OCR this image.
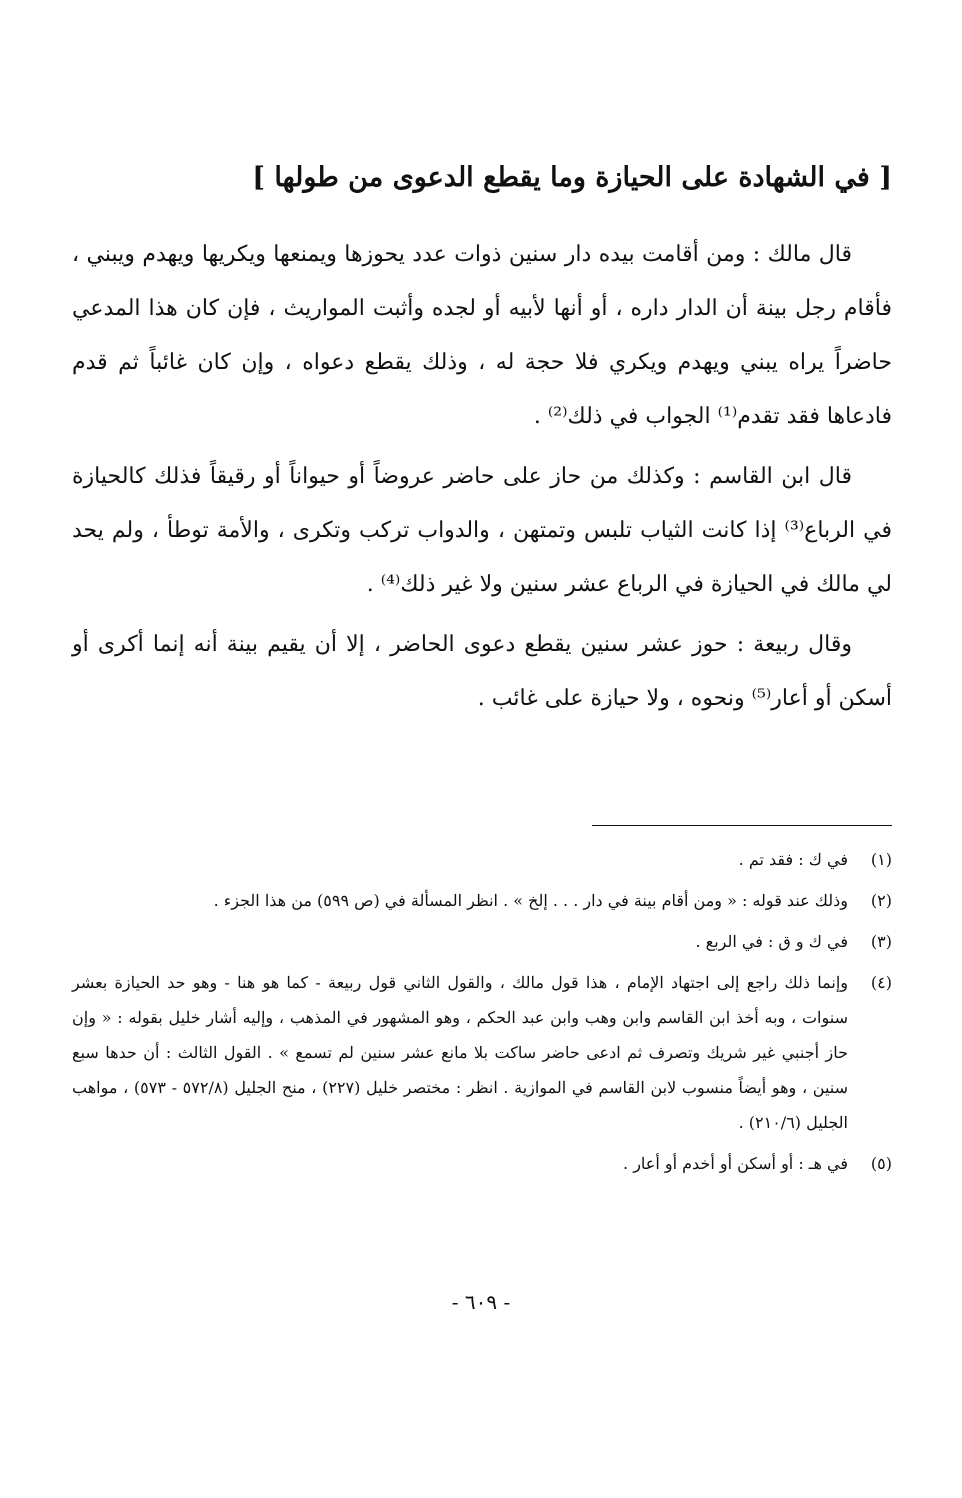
[ في الشهادة على الحيازة وما يقطع الدعوى من طولها ]

قال مالك : ومن أقامت بيده دار سنين ذوات عدد يحوزها ويمنعها ويكريها ويهدم ويبني ، فأقام رجل بينة أن الدار داره ، أو أنها لأبيه أو لجده وأثبت المواريث ، فإن كان هذا المدعي حاضراً يراه يبني ويهدم ويكري فلا حجة له ، وذلك يقطع دعواه ، وإن كان غائباً ثم قدم فادعاها فقد تقدم⁽¹⁾ الجواب في ذلك⁽²⁾ .

قال ابن القاسم : وكذلك من حاز على حاضر عروضاً أو حيواناً أو رقيقاً فذلك كالحيازة في الرباع⁽³⁾ إذا كانت الثياب تلبس وتمتهن ، والدواب تركب وتكرى ، والأمة توطأ ، ولم يحد لي مالك في الحيازة في الرباع عشر سنين ولا غير ذلك⁽⁴⁾ .

وقال ربيعة : حوز عشر سنين يقطع دعوى الحاضر ، إلا أن يقيم بينة أنه إنما أكرى أو أسكن أو أعار⁽⁵⁾ ونحوه ، ولا حيازة على غائب .

(١)
في ك : فقد تم .
(٢)
وذلك عند قوله : « ومن أقام بينة في دار . . . إلخ » . انظر المسألة في (ص ٥٩٩) من هذا الجزء .
(٣)
في ك و ق : في الربع .
(٤)
وإنما ذلك راجع إلى اجتهاد الإمام ، هذا قول مالك ، والقول الثاني قول ربيعة - كما هو هنا - وهو حد الحيازة بعشر سنوات ، وبه أخذ ابن القاسم وابن وهب وابن عبد الحكم ، وهو المشهور في المذهب ، وإليه أشار خليل بقوله : « وإن حاز أجنبي غير شريك وتصرف ثم ادعى حاضر ساكت بلا مانع عشر سنين لم تسمع » . القول الثالث : أن حدها سبع سنين ، وهو أيضاً منسوب لابن القاسم في الموازية . انظر : مختصر خليل (٢٢٧) ، منح الجليل (٥٧٢/٨ - ٥٧٣) ، مواهب الجليل (٢١٠/٦) .
(٥)
في هـ : أو أسكن أو أخدم أو أعار .
- ٦٠٩ -
